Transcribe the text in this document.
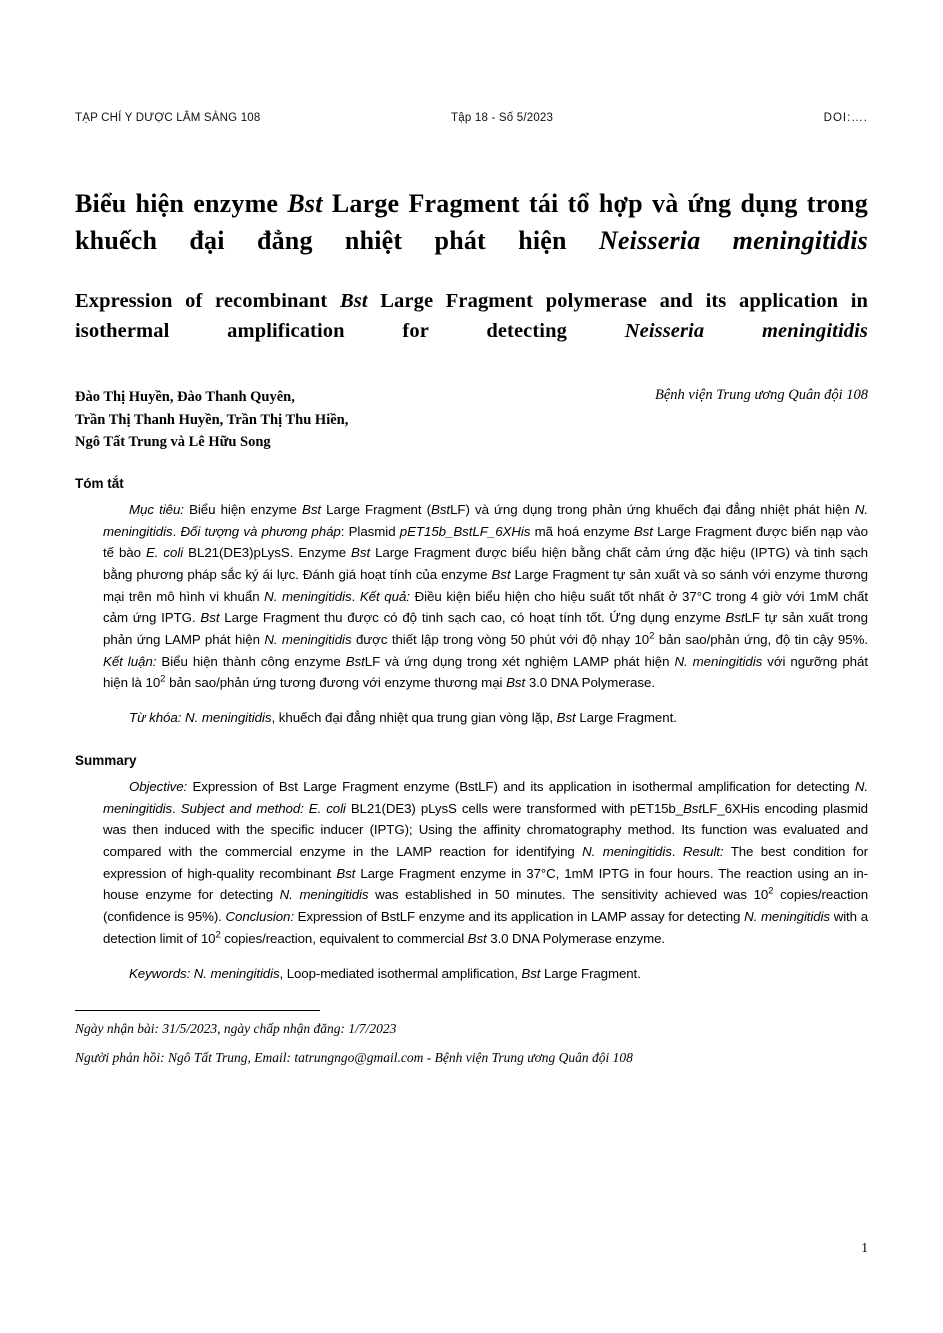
TẠP CHÍ Y DƯỢC LÂM SÀNG 108	Tập 18 - Số 5/2023	DOI:….
Biểu hiện enzyme Bst Large Fragment tái tổ hợp và ứng dụng trong khuếch đại đẳng nhiệt phát hiện Neisseria meningitidis
Expression of recombinant Bst Large Fragment polymerase and its application in isothermal amplification for detecting Neisseria meningitidis
Đào Thị Huyền, Đào Thanh Quyên,
Trần Thị Thanh Huyền, Trần Thị Thu Hiền,
Ngô Tất Trung và Lê Hữu Song
Bệnh viện Trung ương Quân đội 108
Tóm tắt

Mục tiêu: Biểu hiện enzyme Bst Large Fragment (BstLF) và ứng dụng trong phản ứng khuếch đại đẳng nhiệt phát hiện N. meningitidis. Đối tượng và phương pháp: Plasmid pET15b_BstLF_6XHis mã hoá enzyme Bst Large Fragment được biến nạp vào tế bào E. coli BL21(DE3)pLysS. Enzyme Bst Large Fragment được biểu hiện bằng chất cảm ứng đặc hiệu (IPTG) và tinh sạch bằng phương pháp sắc ký ái lực. Đánh giá hoạt tính của enzyme Bst Large Fragment tự sản xuất và so sánh với enzyme thương mại trên mô hình vi khuẩn N. meningitidis. Kết quả: Điều kiện biểu hiện cho hiệu suất tốt nhất ở 37°C trong 4 giờ với 1mM chất cảm ứng IPTG. Bst Large Fragment thu được có độ tinh sạch cao, có hoạt tính tốt. Ứng dụng enzyme BstLF tự sản xuất trong phản ứng LAMP phát hiện N. meningitidis được thiết lập trong vòng 50 phút với độ nhạy $10^2$ bản sao/phản ứng, độ tin cậy 95%. Kết luận: Biểu hiện thành công enzyme BstLF và ứng dụng trong xét nghiệm LAMP phát hiện N. meningitidis với ngưỡng phát hiện là $10^2$ bản sao/phản ứng tương đương với enzyme thương mại Bst 3.0 DNA Polymerase.

Từ khóa: N. meningitidis, khuếch đại đẳng nhiệt qua trung gian vòng lặp, Bst Large Fragment.

Summary

Objective: Expression of Bst Large Fragment enzyme (BstLF) and its application in isothermal amplification for detecting N. meningitidis. Subject and method: E. coli BL21(DE3) pLysS cells were transformed with pET15b_BstLF_6XHis encoding plasmid was then induced with the specific inducer (IPTG); Using the affinity chromatography method. Its function was evaluated and compared with the commercial enzyme in the LAMP reaction for identifying N. meningitidis. Result: The best condition for expression of high-quality recombinant Bst Large Fragment enzyme in 37°C, 1mM IPTG in four hours. The reaction using an in-house enzyme for detecting N. meningitidis was established in 50 minutes. The sensitivity achieved was $10^2$ copies/reaction (confidence is 95%). Conclusion: Expression of BstLF enzyme and its application in LAMP assay for detecting N. meningitidis with a detection limit of $10^2$ copies/reaction, equivalent to commercial Bst 3.0 DNA Polymerase enzyme.

Keywords: N. meningitidis, Loop-mediated isothermal amplification, Bst Large Fragment.

Ngày nhận bài: 31/5/2023, ngày chấp nhận đăng: 1/7/2023
Người phản hồi: Ngô Tất Trung, Email: tatrungngo@gmail.com - Bệnh viện Trung ương Quân đội 108
1
